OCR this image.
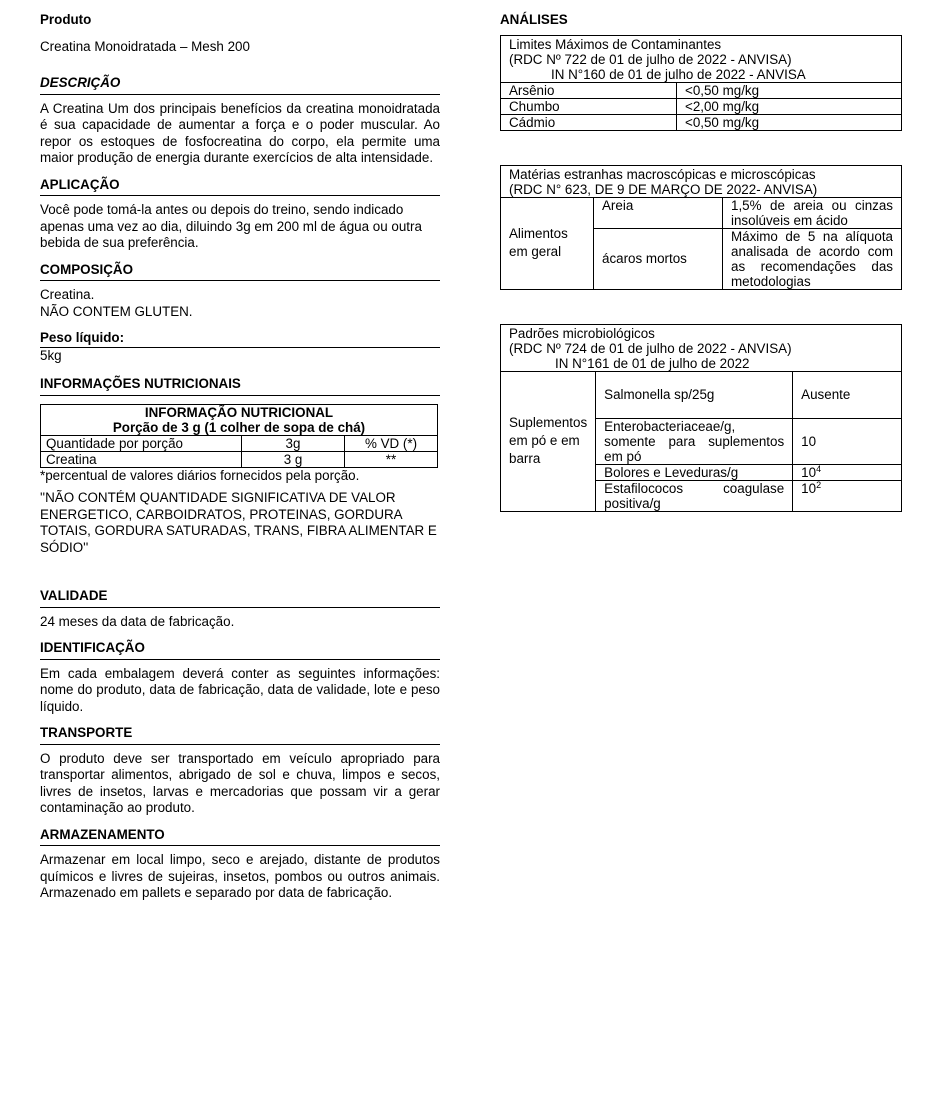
Produto

Creatina Monoidratada – Mesh 200

DESCRIÇÃO

A Creatina Um dos principais benefícios da creatina monoidratada é sua capacidade de aumentar a força e o poder muscular. Ao repor os estoques de fosfocreatina do corpo, ela permite uma maior produção de energia durante exercícios de alta intensidade.

APLICAÇÃO

Você pode tomá-la antes ou depois do treino, sendo indicado apenas uma vez ao dia, diluindo 3g em 200 ml de água ou outra bebida de sua preferência.

COMPOSIÇÃO

Creatina.

NÃO CONTEM GLUTEN.

Peso líquido:

5kg

INFORMAÇÕES NUTRICIONAIS

INFORMAÇÃO NUTRICIONAL
Porção de 3 g (1 colher de sopa de chá)		

Quantidade por porção	3g	% VD (*)
Creatina	3 g	**

*percentual de valores diários fornecidos pela porção.

''NÃO CONTÉM QUANTIDADE SIGNIFICATIVA DE VALOR ENERGETICO, CARBOIDRATOS, PROTEINAS, GORDURA TOTAIS, GORDURA SATURADAS, TRANS, FIBRA ALIMENTAR E SÓDIO''

VALIDADE

24 meses da data de fabricação.

IDENTIFICAÇÃO

Em cada embalagem deverá conter as seguintes informações: nome do produto, data de fabricação, data de validade, lote e peso líquido.

TRANSPORTE

O produto deve ser transportado em veículo apropriado para transportar alimentos, abrigado de sol e chuva, limpos e secos, livres de insetos, larvas e mercadorias que possam vir a gerar contaminação ao produto.

ARMAZENAMENTO

Armazenar em local limpo, seco e arejado, distante de produtos químicos e livres de sujeiras, insetos, pombos ou outros animais. Armazenado em pallets e separado por data de fabricação.

ANÁLISES

Limites Máximos de Contaminantes
(RDC Nº 722 de 01 de julho de 2022 - ANVISA)
IN N°160 de 01 de julho de 2022 - ANVISA	

Arsênio	<0,50 mg/kg
Chumbo	<2,00 mg/kg
Cádmio	<0,50 mg/kg
Matérias estranhas macroscópicas e microscópicas
(RDC N° 623, DE 9 DE MARÇO DE 2022- ANVISA)		

Alimentos em geral	Areia	1,5% de areia ou cinzas insolúveis em ácido
	ácaros mortos	Máximo de 5 na alíquota analisada de acordo com as recomendações das metodologias
Padrões microbiológicos
(RDC Nº 724 de 01 de julho de 2022 - ANVISA)
IN N°161 de 01 de julho de 2022		

Suplementos em pó e em barra	Salmonella sp/25g	Ausente
	Enterobacteriaceae/g, somente para suplementos em pó	10
	Bolores e Leveduras/g	$10^4$
	Estafilococos coagulase positiva/g	$10^2$
